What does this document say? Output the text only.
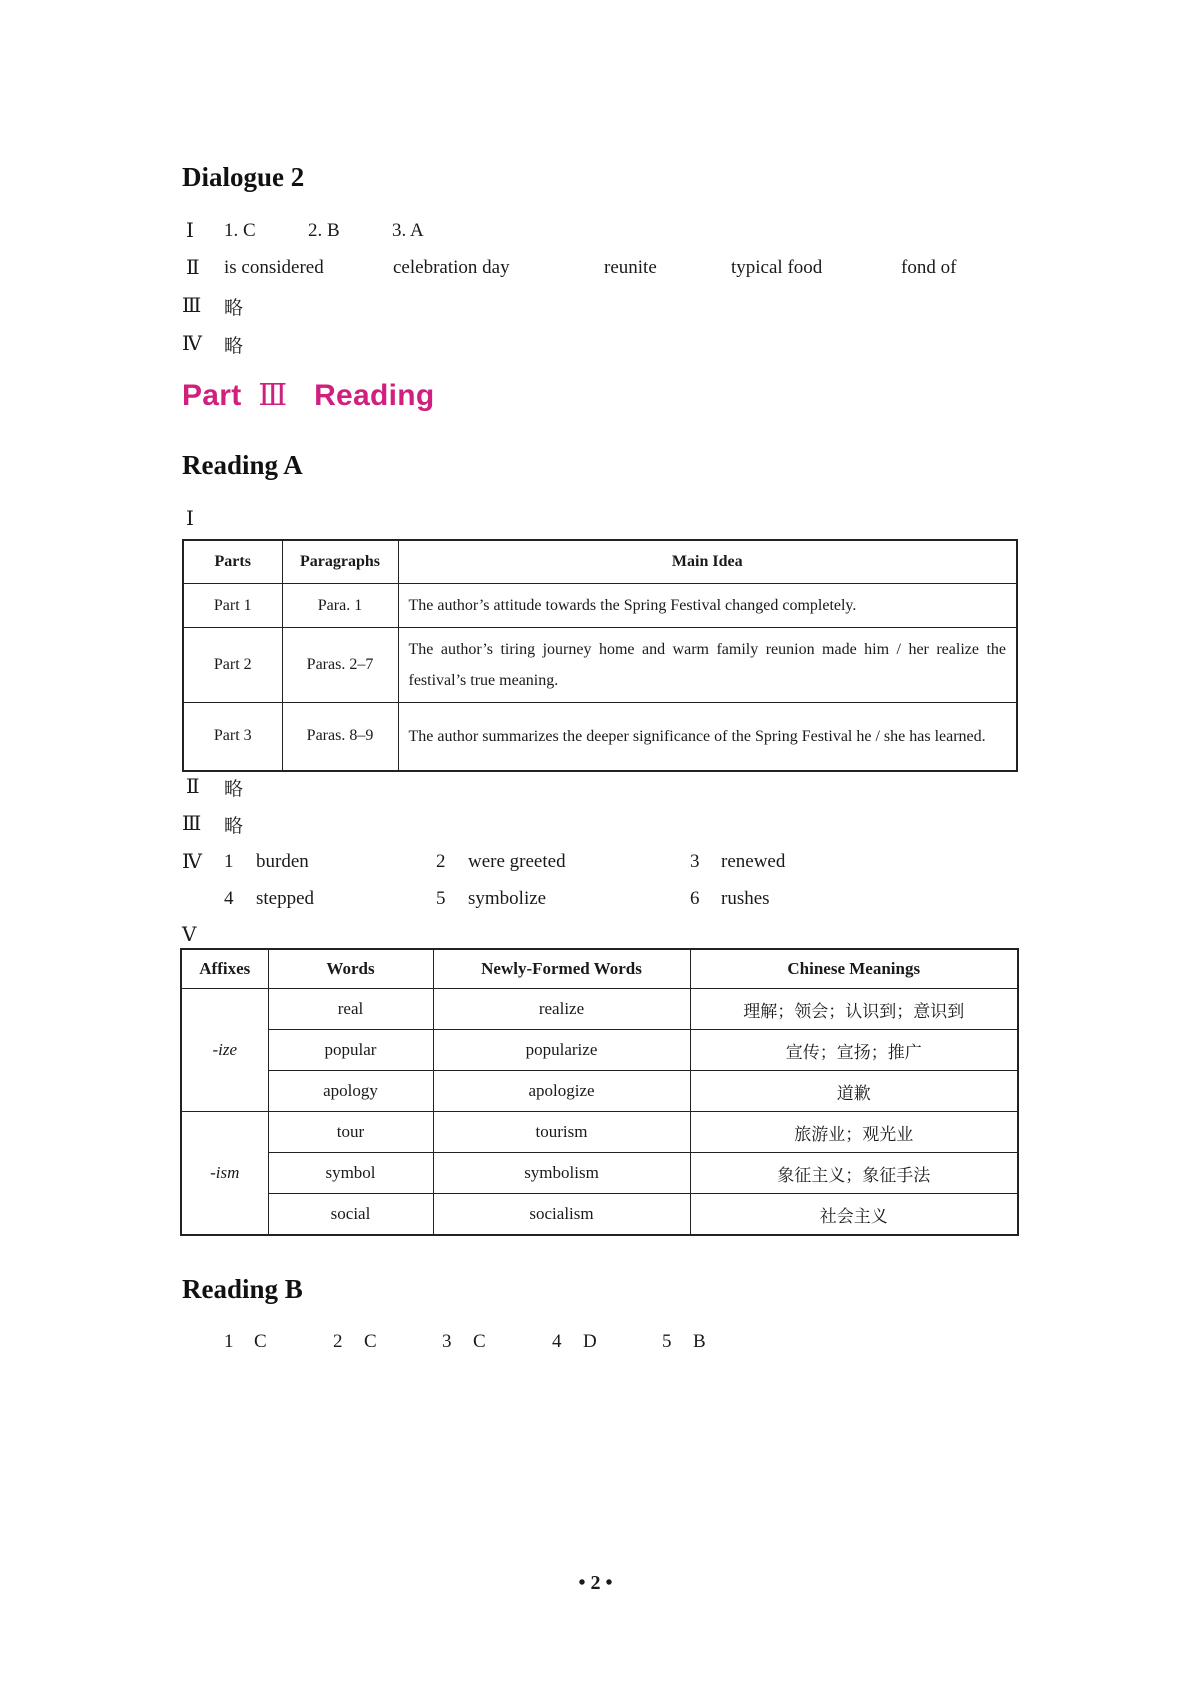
Dialogue 2
Ⅰ 1. C	2. B	3. A
Ⅱ is considered	celebration day	reunite	typical food	fond of
Ⅲ 略
Ⅳ 略
Part Ⅲ Reading
Reading A
Ⅰ
Parts	Paragraphs	Main Idea
Part 1	Para. 1	The author’s attitude towards the Spring Festival changed completely.
Part 2	Paras. 2–7	The author’s tiring journey home and warm family reunion made him / her realize the festival’s true meaning.
Part 3	Paras. 8–9	The author summarizes the deeper significance of the Spring Festival he / she has learned.
Ⅱ 略
Ⅲ 略
Ⅳ 1 burden	2 were greeted	3 renewed
4 stepped	5 symbolize	6 rushes
Ⅴ
Affixes	Words	Newly-Formed Words	Chinese Meanings
-ize	real	realize	理解；领会；认识到；意识到
	popular	popularize	宣传；宣扬；推广
	apology	apologize	道歉
-ism	tour	tourism	旅游业；观光业
	symbol	symbolism	象征主义；象征手法
	social	socialism	社会主义
Reading B
1 C	2 C	3 C	4 D	5 B
• 2 •
